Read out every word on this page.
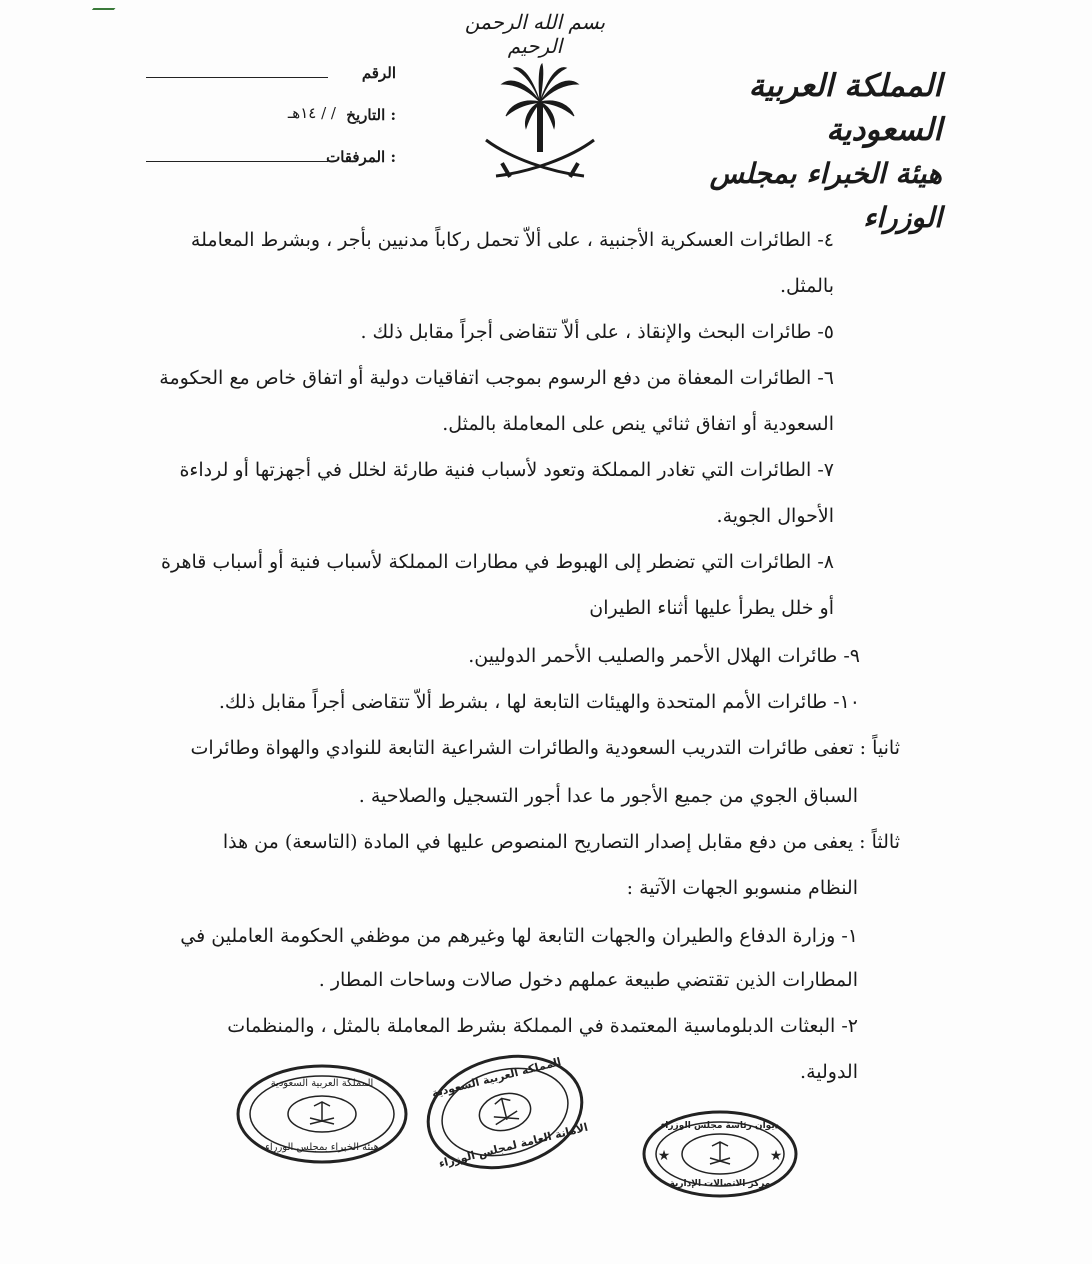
بسم الله الرحمن الرحيم
الرقم
التاريخ :
/ / ١٤هـ
المرفقات :
المملكة العربية السعودية
هيئة الخبراء بمجلس الوزراء
٤- الطائرات العسكرية الأجنبية ، على ألاّ تحمل ركاباً مدنيين بأجر ، وبشرط المعاملة
بالمثل.
٥- طائرات البحث والإنقاذ ، على ألاّ تتقاضى أجراً مقابل ذلك .
٦- الطائرات المعفاة من دفع الرسوم بموجب اتفاقيات دولية أو اتفاق خاص مع الحكومة
السعودية أو اتفاق ثنائي ينص على المعاملة بالمثل.
٧- الطائرات التي تغادر المملكة وتعود لأسباب فنية طارئة لخلل في أجهزتها أو لرداءة
الأحوال الجوية.
٨- الطائرات التي تضطر إلى الهبوط في مطارات المملكة لأسباب فنية أو أسباب قاهرة
أو خلل يطرأ عليها أثناء الطيران
٩- طائرات الهلال الأحمر والصليب الأحمر الدوليين.
١٠- طائرات الأمم المتحدة والهيئات التابعة لها ، بشرط ألاّ تتقاضى أجراً مقابل ذلك.
ثانياً : تعفى طائرات التدريب السعودية والطائرات الشراعية التابعة للنوادي والهواة وطائرات
السباق الجوي من جميع الأجور ما عدا أجور التسجيل والصلاحية .
ثالثاً : يعفى من دفع مقابل إصدار التصاريح المنصوص عليها في المادة (التاسعة) من هذا
النظام منسوبو الجهات الآتية :
١- وزارة الدفاع والطيران والجهات التابعة لها وغيرهم من موظفي الحكومة العاملين في
المطارات الذين تقتضي طبيعة عملهم دخول صالات وساحات المطار .
٢- البعثات الدبلوماسية المعتمدة في المملكة بشرط المعاملة بالمثل ، والمنظمات
الدولية.
المملكة العربية السعودية
هيئة الخبراء بمجلس الوزراء
المملكة العربية السعودية
الأمانة العامة لمجلس الوزراء	★	★
ديوان رئاسة مجلس الوزراء
مركز الاتصالات الإدارية
